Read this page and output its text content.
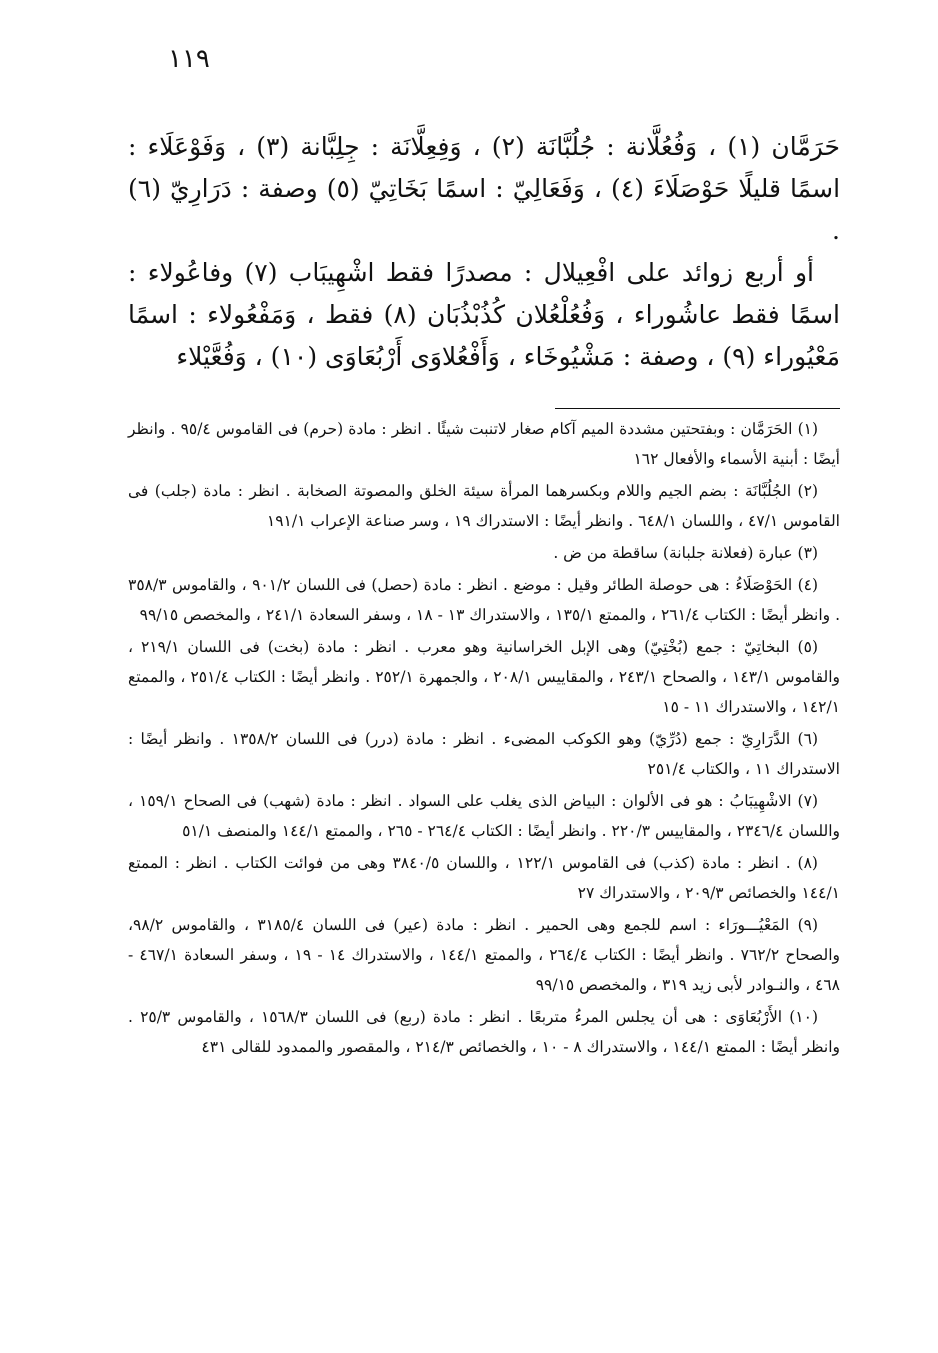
١١٩

حَرَمَّان (١) ، وَفُعُلَّانة : جُلُبَّانَة (٢) ، وَفِعِلَّانَة : جِلِبَّانة (٣) ، وَفَوْعَلَاء : اسمًا قليلًا حَوْصَلَاءَ (٤) ، وَفَعَالِيّ : اسمًا بَخَاتِيّ (٥) وصفة : دَرَارِيّ (٦) .

أو أربع زوائد على افْعِيلال : مصدرًا فقط اشْهِيبَاب (٧) وفاعُولاء : اسمًا فقط عاشُوراء ، وَفُعُلْعُلان كُذُبْذُبَان (٨) فقط ، وَمَفْعُولاء : اسمًا مَعْيُوراء (٩) ، وصفة : مَشْيُوخَاء ، وَأَفْعُلاوَى أَرْبُعَاوَى (١٠) ، وَفُعَّيْلاء

(١) الحَرَمَّان : وبفتحتين مشددة الميم آكام صغار لاتنبت شيئًا . انظر : مادة (حرم) فى القاموس ٩٥/٤ . وانظر أيضًا : أبنية الأسماء والأفعال ١٦٢

(٢) الجُلُبَّانَة : بضم الجيم واللام وبكسرهما المرأة سيئة الخلق والمصوتة الصخابة . انظر : مادة (جلب) فى القاموس ٤٧/١ ، واللسان ٦٤٨/١ . وانظر أيضًا : الاستدراك ١٩ ، وسر صناعة الإعراب ١٩١/١

(٣) عبارة (فعلانة جلبانة) ساقطة من ض .

(٤) الحَوْصَلَاءُ : هى حوصلة الطائر وقيل : موضع . انظر : مادة (حصل) فى اللسان ٩٠١/٢ ، والقاموس ٣٥٨/٣ . وانظر أيضًا : الكتاب ٢٦١/٤ ، والممتع ١٣٥/١ ، والاستدراك ١٣ - ١٨ ، وسفر السعادة ٢٤١/١ ، والمخصص ٩٩/١٥

(٥) البخاتِيّ : جمع (بُخْتِيّ) وهى الإبل الخراسانية وهو معرب . انظر : مادة (بخت) فى اللسان ٢١٩/١ ، والقاموس ١٤٣/١ ، والصحاح ٢٤٣/١ ، والمقاييس ٢٠٨/١ ، والجمهرة ٢٥٢/١ . وانظر أيضًا : الكتاب ٢٥١/٤ ، والممتع ١٤٢/١ ، والاستدراك ١١ - ١٥

(٦) الدَّرَارِيّ : جمع (دُرِّيّ) وهو الكوكب المضىء . انظر : مادة (درر) فى اللسان ١٣٥٨/٢ . وانظر أيضًا : الاستدراك ١١ ، والكتاب ٢٥١/٤

(٧) الاشْهِيبَابُ : هو فى الألوان : البياض الذى يغلب على السواد . انظر : مادة (شهب) فى الصحاح ١٥٩/١ ، واللسان ٢٣٤٦/٤ ، والمقاييس ٢٢٠/٣ . وانظر أيضًا : الكتاب ٢٦٤/٤ - ٢٦٥ ، والممتع ١٤٤/١ والمنصف ٥١/١

(٨) . انظر : مادة (كذب) فى القاموس ١٢٢/١ ، واللسان ٣٨٤٠/٥ وهى من فوائت الكتاب . انظر : الممتع ١٤٤/١ والخصائص ٢٠٩/٣ ، والاستدراك ٢٧

(٩) المَعْيُـــورَاء : اسم للجمع وهى الحمير . انظر : مادة (عير) فى اللسان ٣١٨٥/٤ ، والقاموس ٩٨/٢، والصحاح ٧٦٢/٢ . وانظر أيضًا : الكتاب ٢٦٤/٤ ، والممتع ١٤٤/١ ، والاستدراك ١٤ - ١٩ ، وسفر السعادة ٤٦٧/١ - ٤٦٨ ، والنـوادر لأبى زيد ٣١٩ ، والمخصص ٩٩/١٥

(١٠) الأَرْبُعَاوَى : هى أن يجلس المرءُ متربعًا . انظر : مادة (ربع) فى اللسان ١٥٦٨/٣ ، والقاموس ٢٥/٣ . وانظر أيضًا : الممتع ١٤٤/١ ، والاستدراك ٨ - ١٠ ، والخصائص ٢١٤/٣ ، والمقصور والممدود للقالى ٤٣١
